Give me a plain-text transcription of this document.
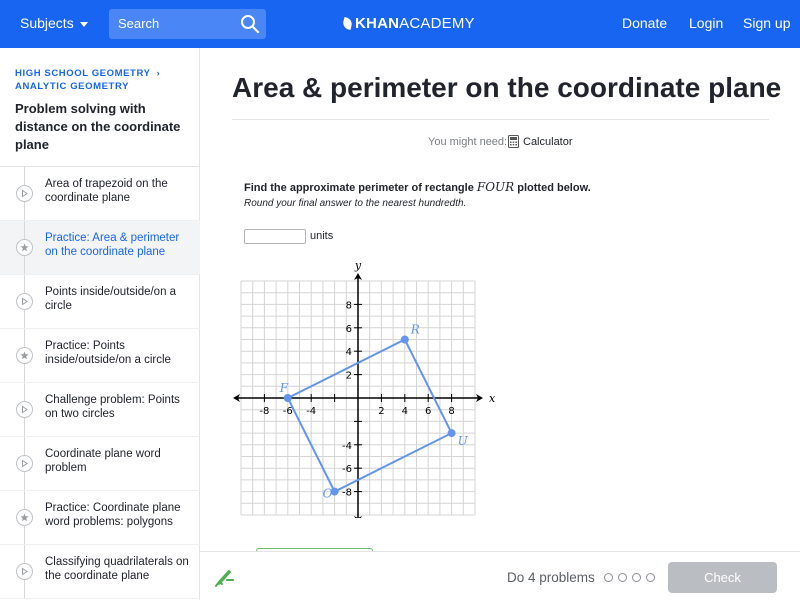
Subjects	Search	KHANACADEMY	Donate Login Sign up
HIGH SCHOOL GEOMETRY ›
ANALYTIC GEOMETRY
Problem solving with distance on the coordinate plane
Area of trapezoid on the coordinate plane
Practice: Area & perimeter on the coordinate plane
Points inside/outside/on a circle
Practice: Points inside/outside/on a circle
Challenge problem: Points on two circles
Coordinate plane word problem
Practice: Coordinate plane word problems: polygons
Classifying quadrilaterals on the coordinate plane
Area & perimeter on the coordinate plane
You might need:	Calculator
Find the approximate perimeter of rectangle FOUR plotted below.
Round your final answer to the nearest hundredth.
units
-8 -6 -4	2 4 6 8
8
6
4
2
-4
-6
-8
x
y
F
R
U
O
Do 4 problems	Check
